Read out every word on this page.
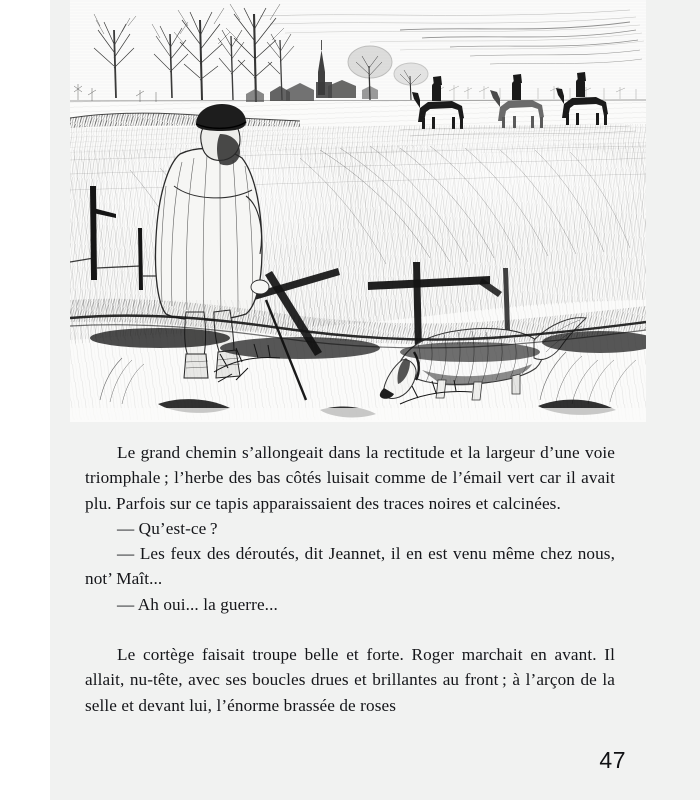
Le grand chemin s’allongeait dans la rectitude et la largeur d’une voie triomphale ; l’herbe des bas côtés luisait comme de l’émail vert car il avait plu. Parfois sur ce tapis apparaissaient des traces noires et calcinées.

— Qu’est-ce ?

— Les feux des déroutés, dit Jeannet, il en est venu même chez nous, not’ Maît...

— Ah oui... la guerre...

Le cortège faisait troupe belle et forte. Roger marchait en avant. Il allait, nu-tête, avec ses boucles drues et brillantes au front ; à l’arçon de la selle et devant lui, l’énorme brassée de roses

47
